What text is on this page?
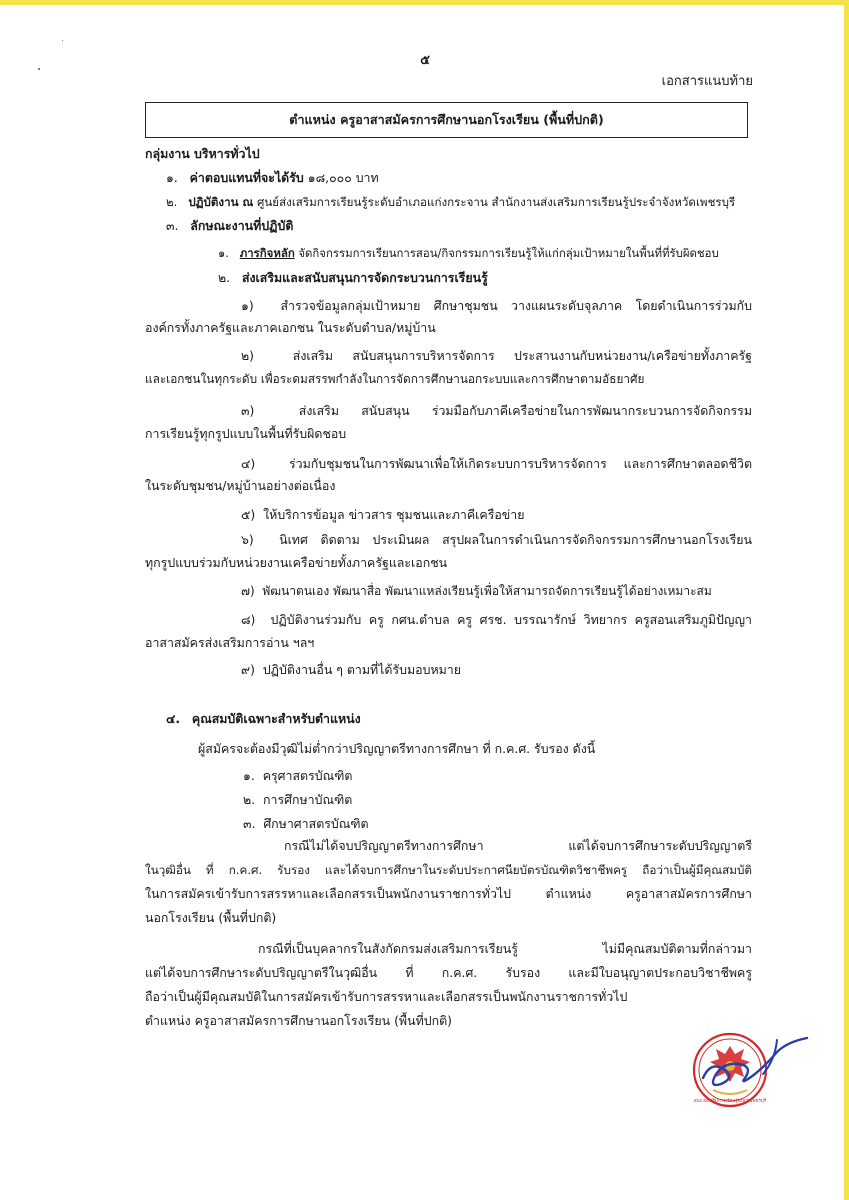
๕
เอกสารแนบท้าย
ตำแหน่ง ครูอาสาสมัครการศึกษานอกโรงเรียน (พื้นที่ปกติ)
กลุ่มงาน บริหารทั่วไป
๑. ค่าตอบแทนที่จะได้รับ ๑๘,๐๐๐ บาท
๒. ปฏิบัติงาน ณ ศูนย์ส่งเสริมการเรียนรู้ระดับอำเภอแก่งกระจาน สำนักงานส่งเสริมการเรียนรู้ประจำจังหวัดเพชรบุรี
๓. ลักษณะงานที่ปฏิบัติ
๑. ภารกิจหลัก จัดกิจกรรมการเรียนการสอน/กิจกรรมการเรียนรู้ให้แก่กลุ่มเป้าหมายในพื้นที่ที่รับผิดชอบ
๒. ส่งเสริมและสนับสนุนการจัดกระบวนการเรียนรู้
๑) สำรวจข้อมูลกลุ่มเป้าหมาย ศึกษาชุมชน วางแผนระดับจุลภาค โดยดำเนินการร่วมกับ
องค์กรทั้งภาครัฐและภาคเอกชน ในระดับตำบล/หมู่บ้าน
๒)	ส่งเสริม สนับสนุนการบริหารจัดการ ประสานงานกับหน่วยงาน/เครือข่ายทั้งภาครัฐ
และเอกชนในทุกระดับ เพื่อระดมสรรพกำลังในการจัดการศึกษานอกระบบและการศึกษาตามอัธยาศัย
๓)	ส่งเสริม สนับสนุน ร่วมมือกับภาคีเครือข่ายในการพัฒนากระบวนการจัดกิจกรรม
การเรียนรู้ทุกรูปแบบในพื้นที่รับผิดชอบ
๔)	ร่วมกับชุมชนในการพัฒนาเพื่อให้เกิดระบบการบริหารจัดการ และการศึกษาตลอดชีวิต
ในระดับชุมชน/หมู่บ้านอย่างต่อเนื่อง
๕) ให้บริการข้อมูล ข่าวสาร ชุมชนและภาคีเครือข่าย
๖) นิเทศ ติดตาม ประเมินผล สรุปผลในการดำเนินการจัดกิจกรรมการศึกษานอกโรงเรียน
ทุกรูปแบบร่วมกับหน่วยงานเครือข่ายทั้งภาครัฐและเอกชน
๗) พัฒนาตนเอง พัฒนาสื่อ พัฒนาแหล่งเรียนรู้เพื่อให้สามารถจัดการเรียนรู้ได้อย่างเหมาะสม
๘) ปฏิบัติงานร่วมกับ ครู กศน.ตำบล ครู ศรช. บรรณารักษ์ วิทยากร ครูสอนเสริมภูมิปัญญา
อาสาสมัครส่งเสริมการอ่าน ฯลฯ
๙) ปฏิบัติงานอื่น ๆ ตามที่ได้รับมอบหมาย
๔. คุณสมบัติเฉพาะสำหรับตำแหน่ง
ผู้สมัครจะต้องมีวุฒิไม่ต่ำกว่าปริญญาตรีทางการศึกษา ที่ ก.ค.ศ. รับรอง ดังนี้
๑. ครุศาสตรบัณฑิต
๒. การศึกษาบัณฑิต
๓. ศึกษาศาสตรบัณฑิต
กรณีไม่ได้จบปริญญาตรีทางการศึกษา แต่ได้จบการศึกษาระดับปริญญาตรี
ในวุฒิอื่น ที่ ก.ค.ศ. รับรอง และได้จบการศึกษาในระดับประกาศนียบัตรบัณฑิตวิชาชีพครู ถือว่าเป็นผู้มีคุณสมบัติ
ในการสมัครเข้ารับการสรรหาและเลือกสรรเป็นพนักงานราชการทั่วไป ตำแหน่ง ครูอาสาสมัครการศึกษา
นอกโรงเรียน (พื้นที่ปกติ)
กรณีที่เป็นบุคลากรในสังกัดกรมส่งเสริมการเรียนรู้ ไม่มีคุณสมบัติตามที่กล่าวมา
แต่ได้จบการศึกษาระดับปริญญาตรีในวุฒิอื่น ที่ ก.ค.ศ. รับรอง และมีใบอนุญาตประกอบวิชาชีพครู
ถือว่าเป็นผู้มีคุณสมบัติในการสมัครเข้ารับการสรรหาและเลือกสรรเป็นพนักงานราชการทั่วไป
ตำแหน่ง ครูอาสาสมัครการศึกษานอกโรงเรียน (พื้นที่ปกติ)
สนง.ส่งเสริมการเรียนรู้จังหวัดเพชรบุรี
